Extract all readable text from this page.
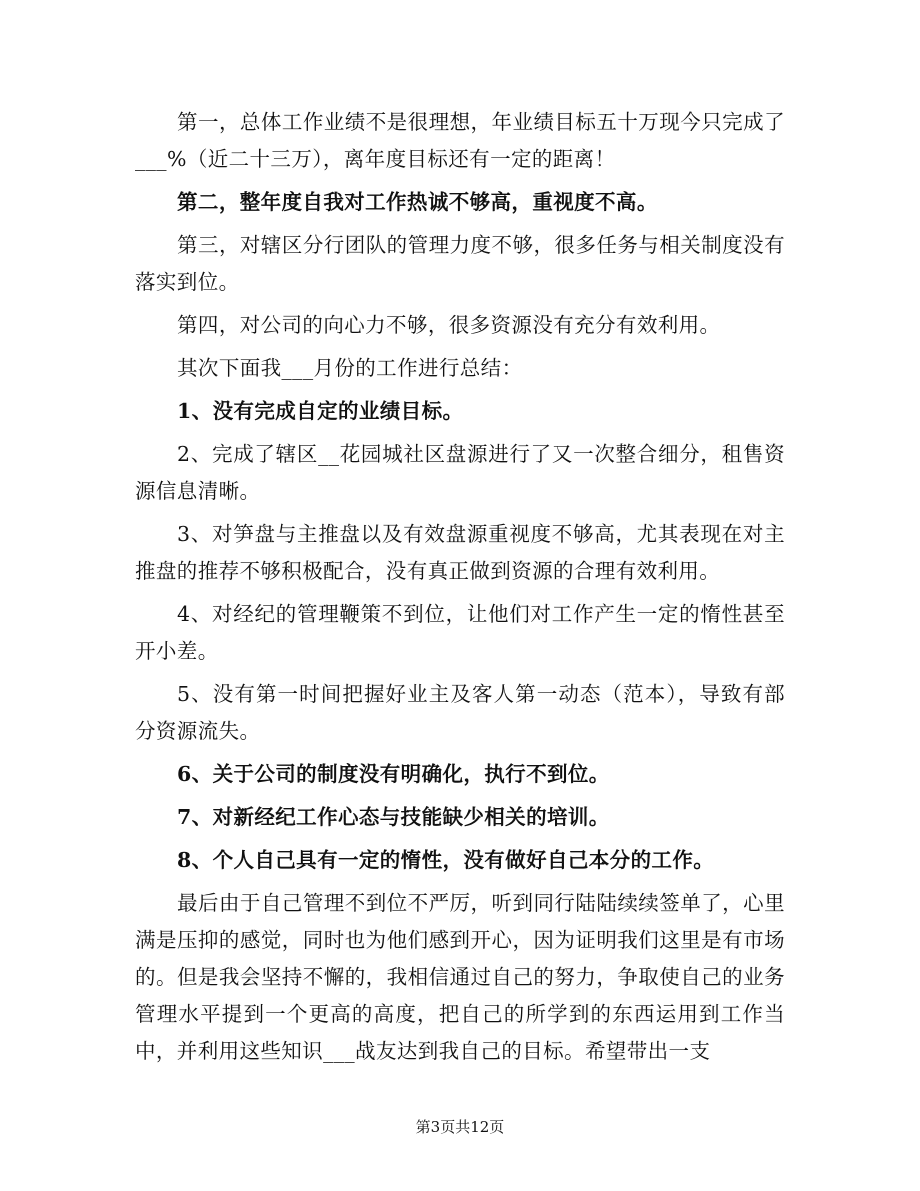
第一，总体工作业绩不是很理想，年业绩目标五十万现今只完成了___%（近二十三万），离年度目标还有一定的距离！

第二，整年度自我对工作热诚不够高，重视度不高。

第三，对辖区分行团队的管理力度不够，很多任务与相关制度没有落实到位。

第四，对公司的向心力不够，很多资源没有充分有效利用。

其次下面我___月份的工作进行总结：

1、没有完成自定的业绩目标。

2、完成了辖区__花园城社区盘源进行了又一次整合细分，租售资源信息清晰。

3、对笋盘与主推盘以及有效盘源重视度不够高，尤其表现在对主推盘的推荐不够积极配合，没有真正做到资源的合理有效利用。

4、对经纪的管理鞭策不到位，让他们对工作产生一定的惰性甚至开小差。

5、没有第一时间把握好业主及客人第一动态（范本），导致有部分资源流失。

6、关于公司的制度没有明确化，执行不到位。

7、对新经纪工作心态与技能缺少相关的培训。

8、个人自己具有一定的惰性，没有做好自己本分的工作。

最后由于自己管理不到位不严厉，听到同行陆陆续续签单了，心里满是压抑的感觉，同时也为他们感到开心，因为证明我们这里是有市场的。但是我会坚持不懈的，我相信通过自己的努力，争取使自己的业务管理水平提到一个更高的高度，把自己的所学到的东西运用到工作当中，并利用这些知识___战友达到我自己的目标。希望带出一支

第3页共12页
